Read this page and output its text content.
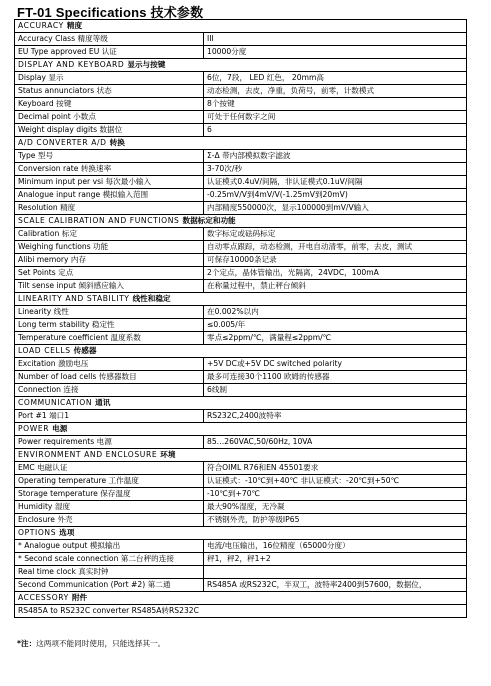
FT-01 Specifications 技术参数
ACCURACY 精度	
Accuracy Class 精度等级	III
EU Type approved EU 认证	10000分度
DISPLAY AND KEYBOARD 显示与按键	
Display 显示	6位，7段， LED 红色， 20mm高
Status annunciators 状态	动态检测，去皮，净重，负荷号，前零，计数模式
Keyboard 按键	8个按键
Decimal point 小数点	可处于任何数字之间
Weight display digits 数据位	6
A/D CONVERTER A/D 转换	
Type 型号	Σ-Δ 带内部模拟数字滤波
Conversion rate 转换速率	3-70次/秒
Minimum input per vsi 每次最小输入	认证模式0.4uV/间隔，非认证模式0.1uV/间隔
Analogue input range 模拟输入范围	-0.25mV/V到4mV/V(-1.25mV到20mV)
Resolution 精度	内部精度550000次，显示100000到mV/V输入
SCALE CALIBRATION AND FUNCTIONS 数据标定和功能	
Calibration 标定	数字标定或砝码标定
Weighing functions 功能	自动零点跟踪，动态检测，开电自动清零，前零，去皮，测试
Alibi memory 内存	可保存10000条记录
Set Points 定点	2个定点，晶体管输出，光隔离，24VDC，100mA
Tilt sense input 倾斜感应输入	在称量过程中，禁止秤台倾斜
LINEARITY AND STABILITY 线性和稳定	
Linearity 线性	在0.002%以内
Long term stability 稳定性	≤0.005/年
Temperature coefficient 温度系数	零点≤2ppm/℃，满量程≤2ppm/℃
LOAD CELLS 传感器	
Excitation 激励电压	+5V DC或+5V DC switched polarity
Number of load cells 传感器数目	最多可连接30个1100 欧姆的传感器
Connection 连接	6线制
COMMUNICATION 通讯	
Port #1 端口1	RS232C,2400波特率
POWER 电源	
Power requirements 电源	85…260VAC,50/60Hz, 10VA
ENVIRONMENT AND ENCLOSURE 环境	
EMC 电磁认证	符合OIML R76和EN 45501要求
Operating temperature 工作温度	认证模式：-10℃到+40℃ 非认证模式：-20℃到+50℃
Storage temperature 保存温度	-10℃到+70℃
Humidity 湿度	最大90%湿度，无冷凝
Enclosure 外壳	不锈钢外壳，防护等级IP65
OPTIONS 选项	
* Analogue output 模拟输出	电流/电压输出，16位精度（65000分度）
* Second scale connection 第二台秤的连接	秤1，秤2，秤1+2
Real time clock 真实时钟	
Second Communication (Port #2) 第二通	RS485A 或RS232C，半双工，波特率2400到57600，数据位，
ACCESSORY 附件	
RS485A to RS232C converter RS485A转RS232C	
*注：这两项不能同时使用，只能选择其一。
